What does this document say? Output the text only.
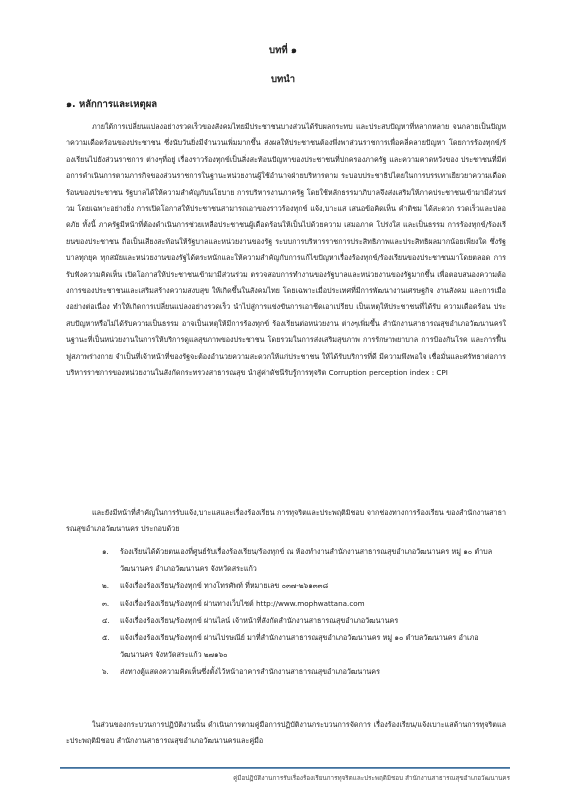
บทที่ ๑
บทนำ
๑. หลักการและเหตุผล

ภายใต้การเปลี่ยนแปลงอย่างรวดเร็วของสังคมไทยมีประชาชนบางส่วนได้รับผลกระทบ และประสบปัญหาที่หลากหลาย จนกลายเป็นปัญหาความเดือดร้อนของประชาชน ซึ่งนับวันยิ่งมีจำนวนเพิ่มมากขึ้น ส่งผลให้ประชาชนต้องพึ่งพาส่วนราชการเพื่อคลี่คลายปัญหา โดยการร้องทุกข์/ร้องเรียนไปยังส่วนราชการ ต่างๆที่อยู่ เรื่องราวร้องทุกข์เป็นสิ่งสะท้อนปัญหาของประชาชนที่ปกครองภาครัฐ และความคาดหวังของ ประชาชนที่มีต่อการดำเนินการตามภารกิจของส่วนราชการในฐานะหน่วยงานผู้ใช้อำนาจฝ่ายบริหารตาม ระบอบประชาธิปไตยในการบรรเทาเยียวยาความเดือดร้อนของประชาชน รัฐบาลได้ให้ความสำคัญกับนโยบาย การบริหารงานภาครัฐ โดยใช้หลักธรรมาภิบาลจึงส่งเสริมให้ภาคประชาชนเข้ามามีส่วนร่วม โดยเฉพาะอย่างยิ่ง การเปิดโอกาสให้ประชาชนสามารถเอาของราวร้องทุกข์ แจ้ง,บาะแส เสนอข้อคิดเห็น คำติชม ได้สะดวก รวดเร็วและปลอดภัย ทั้งนี้ ภาครัฐมีหน้าที่ต้องดำเนินการช่วยเหลือประชาชนผู้เดือดร้อนให้เป็นไปด้วยความ เสมอภาค โปร่งใส และเป็นธรรม การร้องทุกข์/ร้องเรียนของประชาชน ถือเป็นเสียงสะท้อนให้รัฐบาลและหน่วยงานของรัฐ ระบบการบริหารราชการประสิทธิภาพและประสิทธิผลมากน้อยเพียงใด ซึ่งรัฐบาลทุกยุค ทุกสมัยและหน่วยงานของรัฐได้ตระหนักและให้ความสำคัญกับการแก้ไขปัญหาเรื่องร้องทุกข์/ร้องเรียนของประชาชนมาโดยตลอด การรับฟังความคิดเห็น เปิดโอกาสให้ประชาชนเข้ามามีส่วนร่วม ตรวจสอบการทำงานของรัฐบาลและหน่วยงานของรัฐมากขึ้น เพื่อตอบสนองความต้องการของประชาชนและเสริมสร้างความสงบสุข ให้เกิดขึ้นในสังคมไทย โดยเฉพาะเมื่อประเทศที่มีการพัฒนางานเศรษฐกิจ งานสังคม และการเมืองอย่างต่อเนื่อง ทำให้เกิดการเปลี่ยนแปลงอย่างรวดเร็ว นำไปสู่การแข่งขันการเอาชีดเอาเปรียบ เป็นเหตุให้ประชาชนที่ได้รับ ความเดือดร้อน ประสบปัญหาหรือไม่ได้รับความเป็นธรรม อาจเป็นเหตุให้มีการร้องทุกข์ ร้องเรียนต่อหน่วยงาน ต่างๆเพิ่มขึ้น สำนักงานสาธารณสุขอำเภอวัฒนานครในฐานะที่เป็นหน่วยงานในการให้บริการดูแลสุขภาพของประชาชน โดยรวมในการส่งเสริมสุขภาพ การรักษาพยาบาล การป้องกันโรค และการฟื้นฟูสภาพร่างกาย จำเป็นที่เจ้าหน้าที่ของรัฐจะต้องอำนวยความสะดวกให้แก่ประชาชน ให้ได้รับบริการที่ดี มีความพึงพอใจ เชื่อมั่นและศรัทธาต่อการบริหารราชการของหน่วยงานในสังกัดกระทรวงสาธารณสุข นำสู่ค่าดัชนีรับรู้การทุจริต Corruption perception index : CPI

และยังมีหน้าที่สำคัญในการรับแจ้ง,บาะแสและเรื่องร้องเรียน การทุจริตและประพฤติมิชอบ จากช่องทางการร้องเรียน ของสำนักงานสาธารณสุขอำเภอวัฒนานคร ประกอบด้วย

๑. ร้องเรียนได้ด้วยตนเองที่ศูนย์รับเรื่องร้องเรียน/ร้องทุกข์ ณ ห้องทำงานสำนักงานสาธารณสุขอำเภอวัฒนานคร หมู่ ๑๐ ตำบลวัฒนานคร อำเภอวัฒนานคร จังหวัดสระแก้ว
๒. แจ้งเรื่องร้องเรียน/ร้องทุกข์ ทางโทรศัพท์ ที่หมายเลข ๐๓๗-๒๖๑๓๓๘
๓. แจ้งเรื่องร้องเรียน/ร้องทุกข์ ผ่านทางเว็บไซต์ http://www.mophwattana.com
๔. แจ้งเรื่องร้องเรียน/ร้องทุกข์ ผ่านไลน์ เจ้าหน้าที่สังกัดสำนักงานสาธารณสุขอำเภอวัฒนานคร
๕. แจ้งเรื่องร้องเรียน/ร้องทุกข์ ผ่านไปรษณีย์ มาที่สำนักงานสาธารณสุขอำเภอวัฒนานคร หมู่ ๑๐ ตำบลวัฒนานคร อำเภอวัฒนานคร จังหวัดสระแก้ว ๒๗๑๖๐
๖. ส่งทางตู้แสดงความคิดเห็นซึ่งตั้งไว้หน้าอาคารสำนักงานสาธารณสุขอำเภอวัฒนานคร

ในส่วนของกระบวนการปฏิบัติงานนั้น ดำเนินการตามคู่มือการปฏิบัติงานกระบวนการจัดการ เรื่องร้องเรียน/แจ้งเบาะแสด้านการทุจริตและประพฤติมิชอบ สำนักงานสาธารณสุขอำเภอวัฒนานครและคู่มือ

คู่มือปฏิบัติงานการรับเรื่องร้องเรียนการทุจริตและประพฤติมิชอบ สำนักงานสาธารณสุขอำเภอวัฒนานคร
